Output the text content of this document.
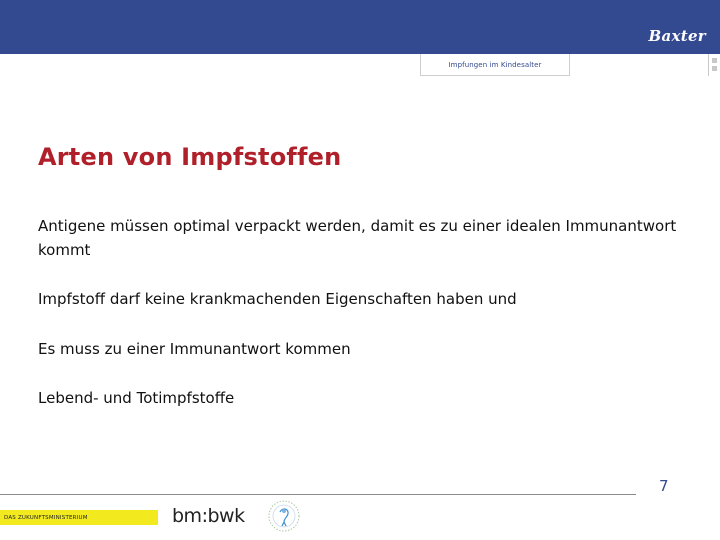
Baxter
Impfungen im Kindesalter
Arten von Impfstoffen

Antigene müssen optimal verpackt werden, damit es zu einer idealen Immunantwort kommt

Impfstoff darf keine krankmachenden Eigenschaften haben und

Es muss zu einer Immunantwort kommen

Lebend- und Totimpfstoffe

7
DAS ZUKUNFTSMINISTERIUM	bm:bwk
